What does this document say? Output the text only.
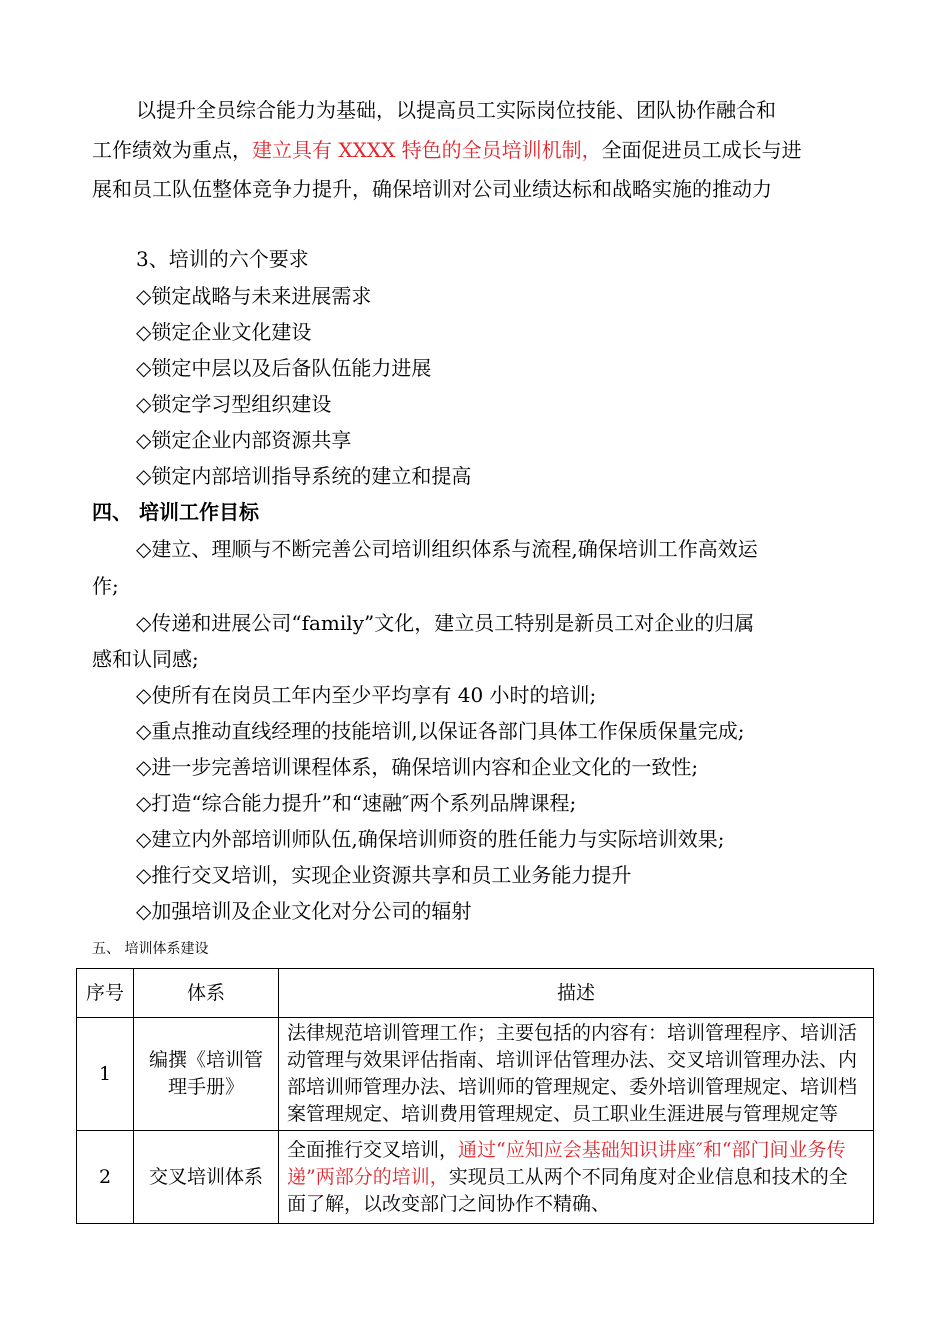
以提升全员综合能力为基础，以提高员工实际岗位技能、团队协作融合和
工作绩效为重点，建立具有 XXXX 特色的全员培训机制，全面促进员工成长与进
展和员工队伍整体竞争力提升，确保培训对公司业绩达标和战略实施的推动力
3、培训的六个要求
◇锁定战略与未来进展需求
◇锁定企业文化建设
◇锁定中层以及后备队伍能力进展
◇锁定学习型组织建设
◇锁定企业内部资源共享
◇锁定内部培训指导系统的建立和提高
四、 培训工作目标
◇建立、理顺与不断完善公司培训组织体系与流程,确保培训工作高效运
作;
◇传递和进展公司“family”文化，建立员工特别是新员工对企业的归属
感和认同感;
◇使所有在岗员工年内至少平均享有 40 小时的培训;
◇重点推动直线经理的技能培训,以保证各部门具体工作保质保量完成;
◇进一步完善培训课程体系，确保培训内容和企业文化的一致性;
◇打造“综合能力提升”和“速融″两个系列品牌课程;
◇建立内外部培训师队伍,确保培训师资的胜任能力与实际培训效果;
◇推行交叉培训，实现企业资源共享和员工业务能力提升
◇加强培训及企业文化对分公司的辐射
五、 培训体系建设
序号	体系	描述
1	编撰《培训管理手册》	法律规范培训管理工作；主要包括的内容有：培训管理程序、培训活动管理与效果评估指南、培训评估管理办法、交叉培训管理办法、内部培训师管理办法、培训师的管理规定、委外培训管理规定、培训档案管理规定、培训费用管理规定、员工职业生涯进展与管理规定等
2	交叉培训体系	全面推行交叉培训，通过“应知应会基础知识讲座″和“部门间业务传递”两部分的培训，实现员工从两个不同角度对企业信息和技术的全面了解，以改变部门之间协作不精确、
